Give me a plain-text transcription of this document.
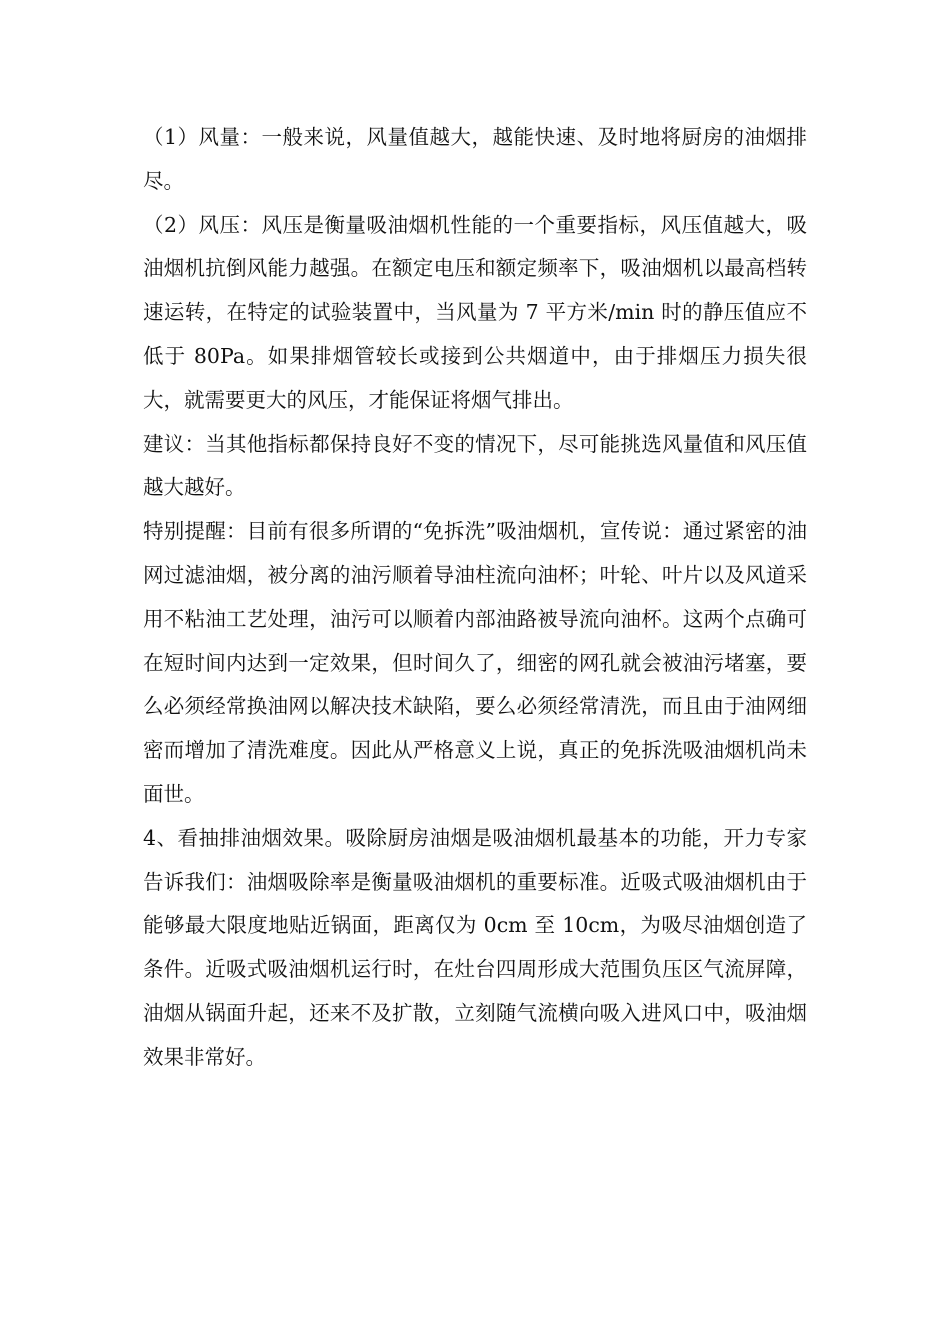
（1）风量：一般来说，风量值越大，越能快速、及时地将厨房的油烟排尽。

（2）风压：风压是衡量吸油烟机性能的一个重要指标，风压值越大，吸油烟机抗倒风能力越强。在额定电压和额定频率下，吸油烟机以最高档转速运转，在特定的试验装置中，当风量为 7 平方米/min 时的静压值应不低于 80Pa。如果排烟管较长或接到公共烟道中，由于排烟压力损失很大，就需要更大的风压，才能保证将烟气排出。

建议：当其他指标都保持良好不变的情况下，尽可能挑选风量值和风压值越大越好。

特别提醒：目前有很多所谓的“免拆洗”吸油烟机，宣传说：通过紧密的油网过滤油烟，被分离的油污顺着导油柱流向油杯；叶轮、叶片以及风道采用不粘油工艺处理，油污可以顺着内部油路被导流向油杯。这两个点确可在短时间内达到一定效果，但时间久了，细密的网孔就会被油污堵塞，要么必须经常换油网以解决技术缺陷，要么必须经常清洗，而且由于油网细密而增加了清洗难度。因此从严格意义上说，真正的免拆洗吸油烟机尚未面世。

4、看抽排油烟效果。吸除厨房油烟是吸油烟机最基本的功能，开力专家告诉我们：油烟吸除率是衡量吸油烟机的重要标准。近吸式吸油烟机由于能够最大限度地贴近锅面，距离仅为 0cm 至 10cm，为吸尽油烟创造了条件。近吸式吸油烟机运行时，在灶台四周形成大范围负压区气流屏障，油烟从锅面升起，还来不及扩散，立刻随气流横向吸入进风口中，吸油烟效果非常好。
